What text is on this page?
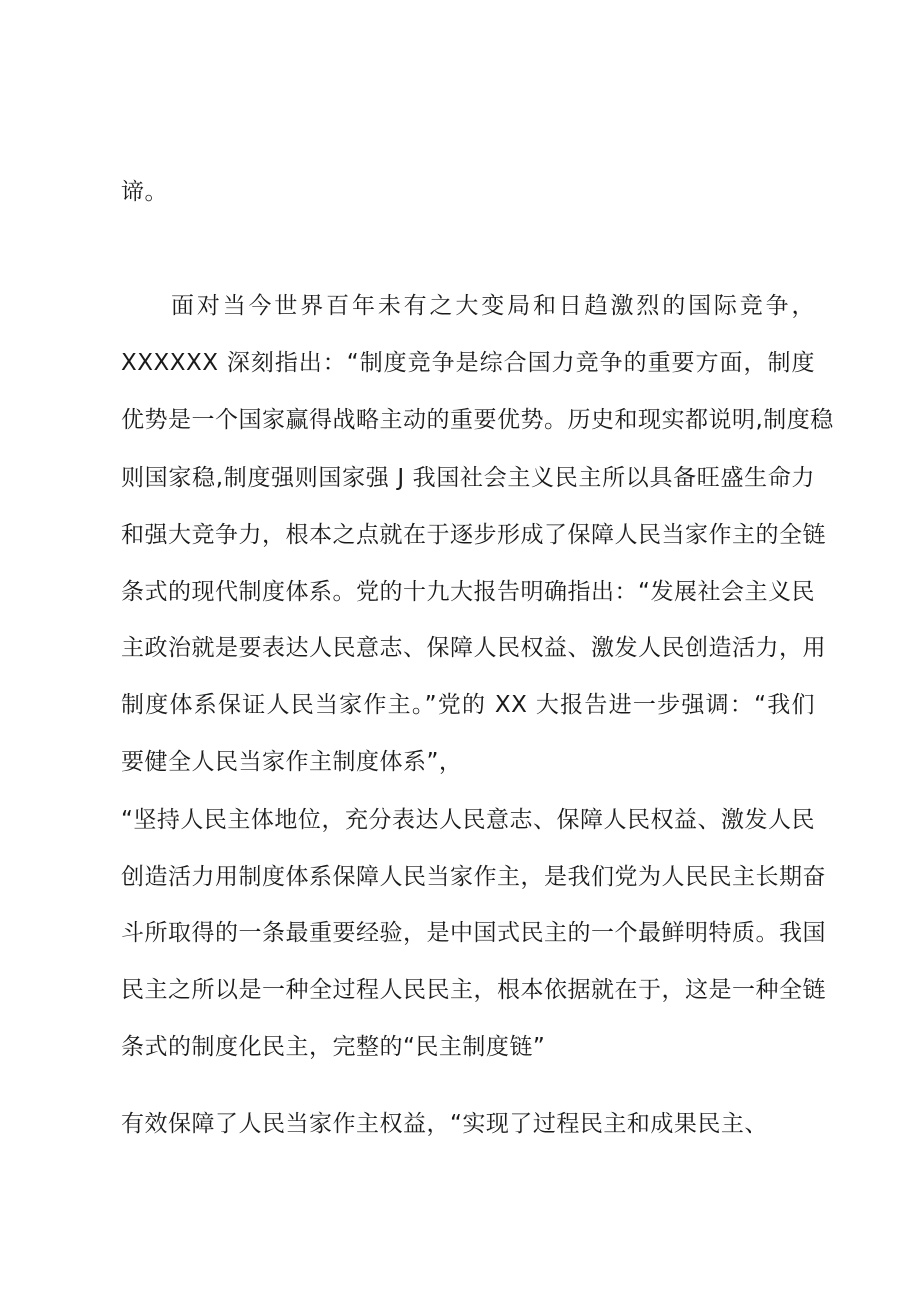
谛。
面对当今世界百年未有之大变局和日趋激烈的国际竞争，
XXXXXX 深刻指出：“制度竞争是综合国力竞争的重要方面，制度
优势是一个国家赢得战略主动的重要优势。历史和现实都说明,制度稳
则国家稳,制度强则国家强 J 我国社会主义民主所以具备旺盛生命力
和强大竞争力，根本之点就在于逐步形成了保障人民当家作主的全链
条式的现代制度体系。党的十九大报告明确指出：“发展社会主义民
主政治就是要表达人民意志、保障人民权益、激发人民创造活力，用
制度体系保证人民当家作主。”党的 XX 大报告进一步强调：“我们
要健全人民当家作主制度体系”，
“坚持人民主体地位，充分表达人民意志、保障人民权益、激发人民
创造活力用制度体系保障人民当家作主，是我们党为人民民主长期奋
斗所取得的一条最重要经验，是中国式民主的一个最鲜明特质。我国
民主之所以是一种全过程人民民主，根本依据就在于，这是一种全链
条式的制度化民主，完整的“民主制度链”
有效保障了人民当家作主权益，“实现了过程民主和成果民主、
